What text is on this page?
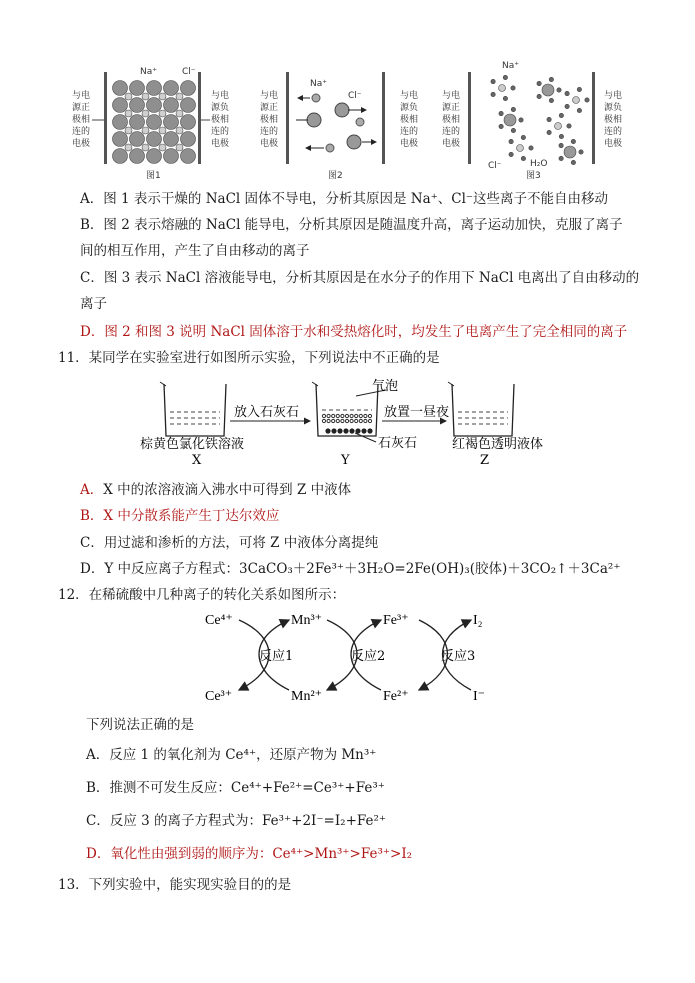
与电
源正
极相
连的
电极
Na⁺	Cl⁻
与电
源负
极相
连的
电极
图1
与电
源正
极相
连的
电极
Na⁺
Cl⁻	与电
源负
极相
连的
电极
图2
与电
源正
极相
连的
电极
Na⁺
Cl⁻	H₂O
与电
源负
极相
连的
电极
图3
A．图 1 表示干燥的 NaCl 固体不导电，分析其原因是 Na⁺、Cl⁻这些离子不能自由移动
B．图 2 表示熔融的 NaCl 能导电，分析其原因是随温度升高，离子运动加快，克服了离子
间的相互作用，产生了自由移动的离子
C．图 3 表示 NaCl 溶液能导电，分析其原因是在水分子的作用下 NaCl 电离出了自由移动的
离子
D．图 2 和图 3 说明 NaCl 固体溶于水和受热熔化时，均发生了电离产生了完全相同的离子
11．某同学在实验室进行如图所示实验，下列说法中不正确的是
放入石灰石
气泡
放置一昼夜
石灰石
棕黄色氯化铁溶液	红褐色透明液体
X	Y	Z
A．X 中的浓溶液滴入沸水中可得到 Z 中液体
B．X 中分散系能产生丁达尔效应
C．用过滤和渗析的方法，可将 Z 中液体分离提纯
D．Y 中反应离子方程式：3CaCO₃＋2Fe³⁺＋3H₂O=2Fe(OH)₃(胶体)＋3CO₂↑＋3Ca²⁺
12．在稀硫酸中几种离子的转化关系如图所示：
Ce⁴⁺
Ce³⁺
Mn³⁺
Mn²⁺
Fe³⁺
Fe²⁺
I₂
I⁻
反应1	反应2	反应3
下列说法正确的是
A．反应 1 的氧化剂为 Ce⁴⁺，还原产物为 Mn³⁺
B．推测不可发生反应：Ce⁴⁺+Fe²⁺=Ce³⁺+Fe³⁺
C．反应 3 的离子方程式为：Fe³⁺+2I⁻=I₂+Fe²⁺
D．氧化性由强到弱的顺序为：Ce⁴⁺>Mn³⁺>Fe³⁺>I₂
13．下列实验中，能实现实验目的的是
